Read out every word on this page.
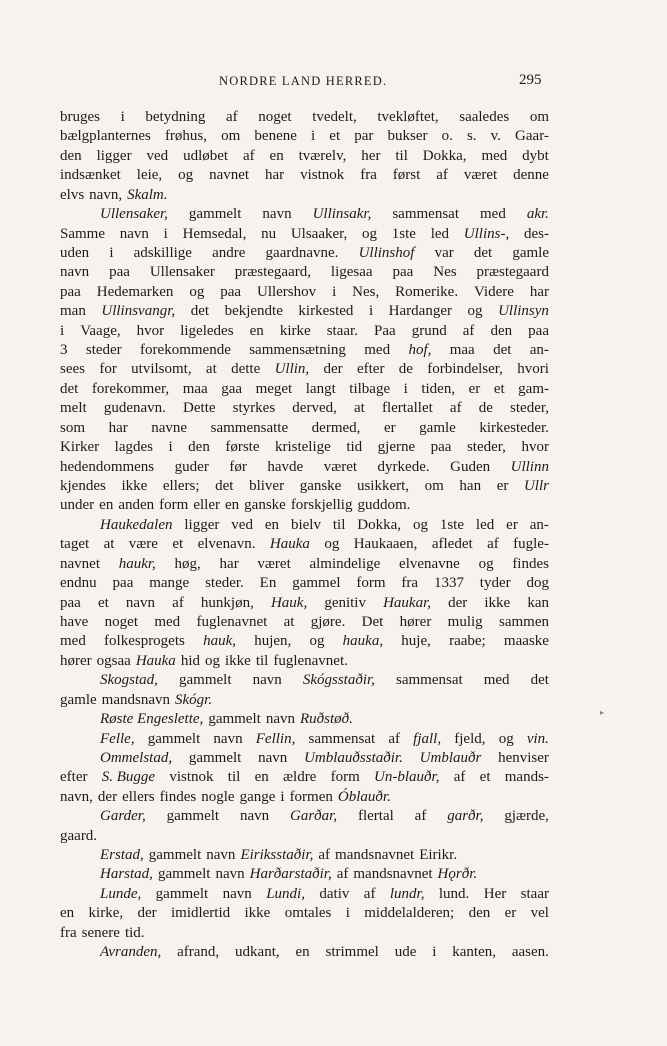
NORDRE LAND HERRED.	295
bruges i betydning af noget tvedelt, tvekløftet, saaledes om
bælgplanternes frøhus, om benene i et par bukser o. s. v. Gaar-
den ligger ved udløbet af en tværelv, her til Dokka, med dybt
indsænket leie, og navnet har vistnok fra først af været denne
elvs navn, Skalm.
Ullensaker, gammelt navn Ullinsakr, sammensat med akr.
Samme navn i Hemsedal, nu Ulsaaker, og 1ste led Ullins-, des-
uden i adskillige andre gaardnavne. Ullinshof var det gamle
navn paa Ullensaker præstegaard, ligesaa paa Nes præstegaard
paa Hedemarken og paa Ullershov i Nes, Romerike. Videre har
man Ullinsvangr, det bekjendte kirkested i Hardanger og Ullinsyn
i Vaage, hvor ligeledes en kirke staar. Paa grund af den paa
3 steder forekommende sammensætning med hof, maa det an-
sees for utvilsomt, at dette Ullin, der efter de forbindelser, hvori
det forekommer, maa gaa meget langt tilbage i tiden, er et gam-
melt gudenavn. Dette styrkes derved, at flertallet af de steder,
som har navne sammensatte dermed, er gamle kirkesteder.
Kirker lagdes i den første kristelige tid gjerne paa steder, hvor
hedendommens guder før havde været dyrkede. Guden Ullinn
kjendes ikke ellers; det bliver ganske usikkert, om han er Ullr
under en anden form eller en ganske forskjellig guddom.
Haukedalen ligger ved en bielv til Dokka, og 1ste led er an-
taget at være et elvenavn. Hauka og Haukaaen, afledet af fugle-
navnet haukr, høg, har været almindelige elvenavne og findes
endnu paa mange steder. En gammel form fra 1337 tyder dog
paa et navn af hunkjøn, Hauk, genitiv Haukar, der ikke kan
have noget med fuglenavnet at gjøre. Det hører mulig sammen
med folkesprogets hauk, hujen, og hauka, huje, raabe; maaske
hører ogsaa Hauka hid og ikke til fuglenavnet.
Skogstad, gammelt navn Skógsstaðir, sammensat med det
gamle mandsnavn Skógr.
Røste Engeslette, gammelt navn Ruðstøð.
Felle, gammelt navn Fellin, sammensat af fjall, fjeld, og vin.
Ommelstad, gammelt navn Umblauðsstaðir. Umblauðr henviser
efter S. Bugge vistnok til en ældre form Un-blauðr, af et mands-
navn, der ellers findes nogle gange i formen Óblauðr.
Garder, gammelt navn Garðar, flertal af garðr, gjærde,
gaard.
Erstad, gammelt navn Eiriksstaðir, af mandsnavnet Eirikr.
Harstad, gammelt navn Harðarstaðir, af mandsnavnet Hǫrðr.
Lunde, gammelt navn Lundi, dativ af lundr, lund. Her staar
en kirke, der imidlertid ikke omtales i middelalderen; den er vel
fra senere tid.
Avranden, afrand, udkant, en strimmel ude i kanten, aasen.
▸
